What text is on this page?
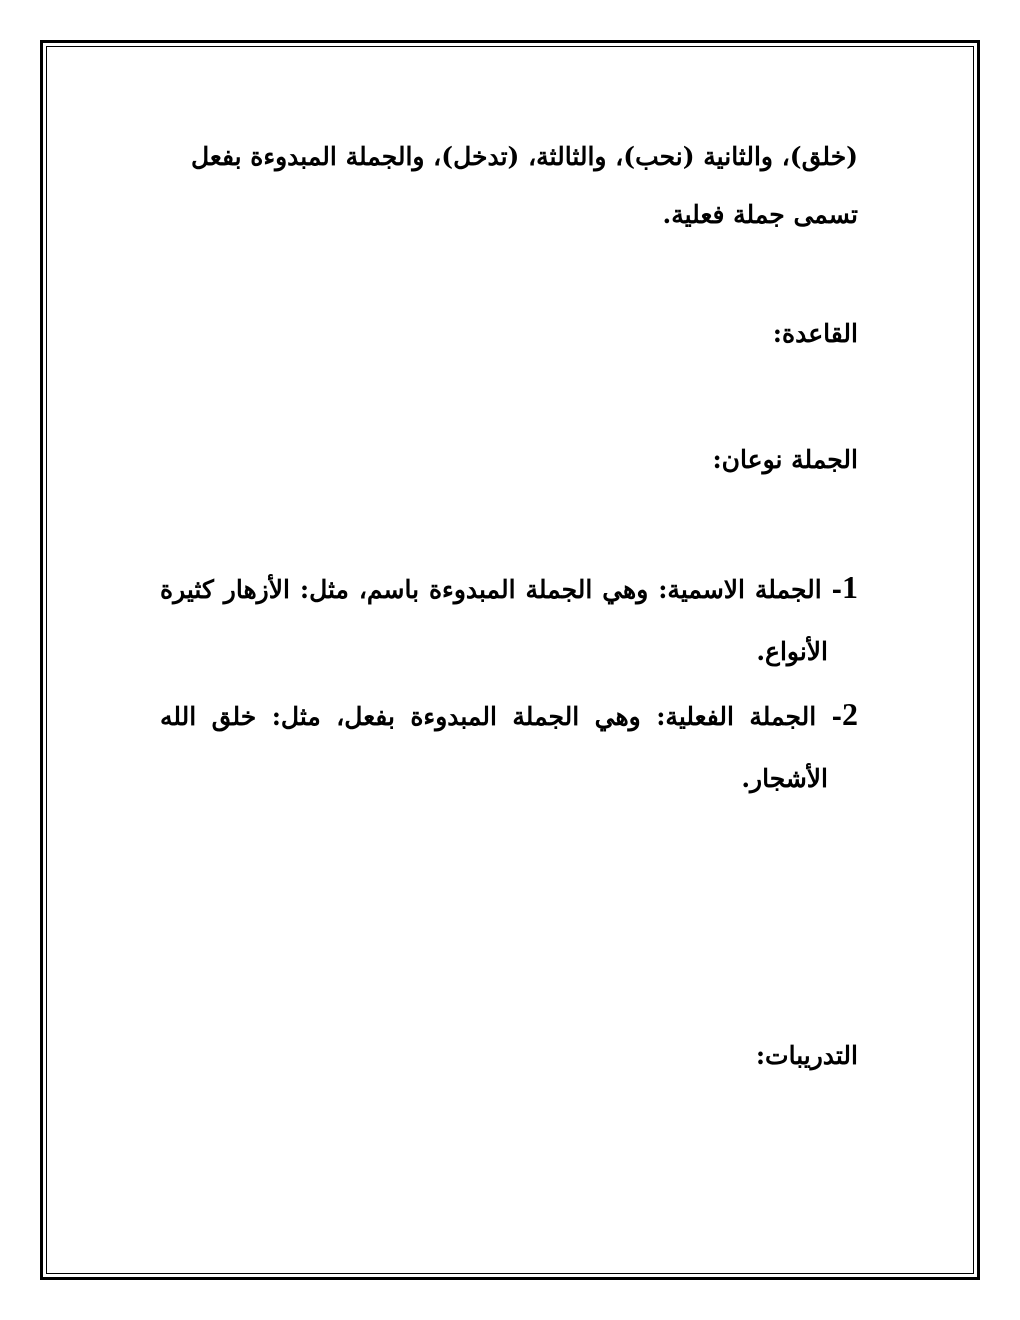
(خلق)، والثانية (نحب)، والثالثة، (تدخل)، والجملة المبدوءة بفعل
تسمى جملة فعلية.
القاعدة:
الجملة نوعان:
1- الجملة الاسمية: وهي الجملة المبدوءة باسم، مثل: الأزهار كثيرة
الأنواع.
2- الجملة الفعلية: وهي الجملة المبدوءة بفعل، مثل: خلق الله
الأشجار.
التدريبات:
